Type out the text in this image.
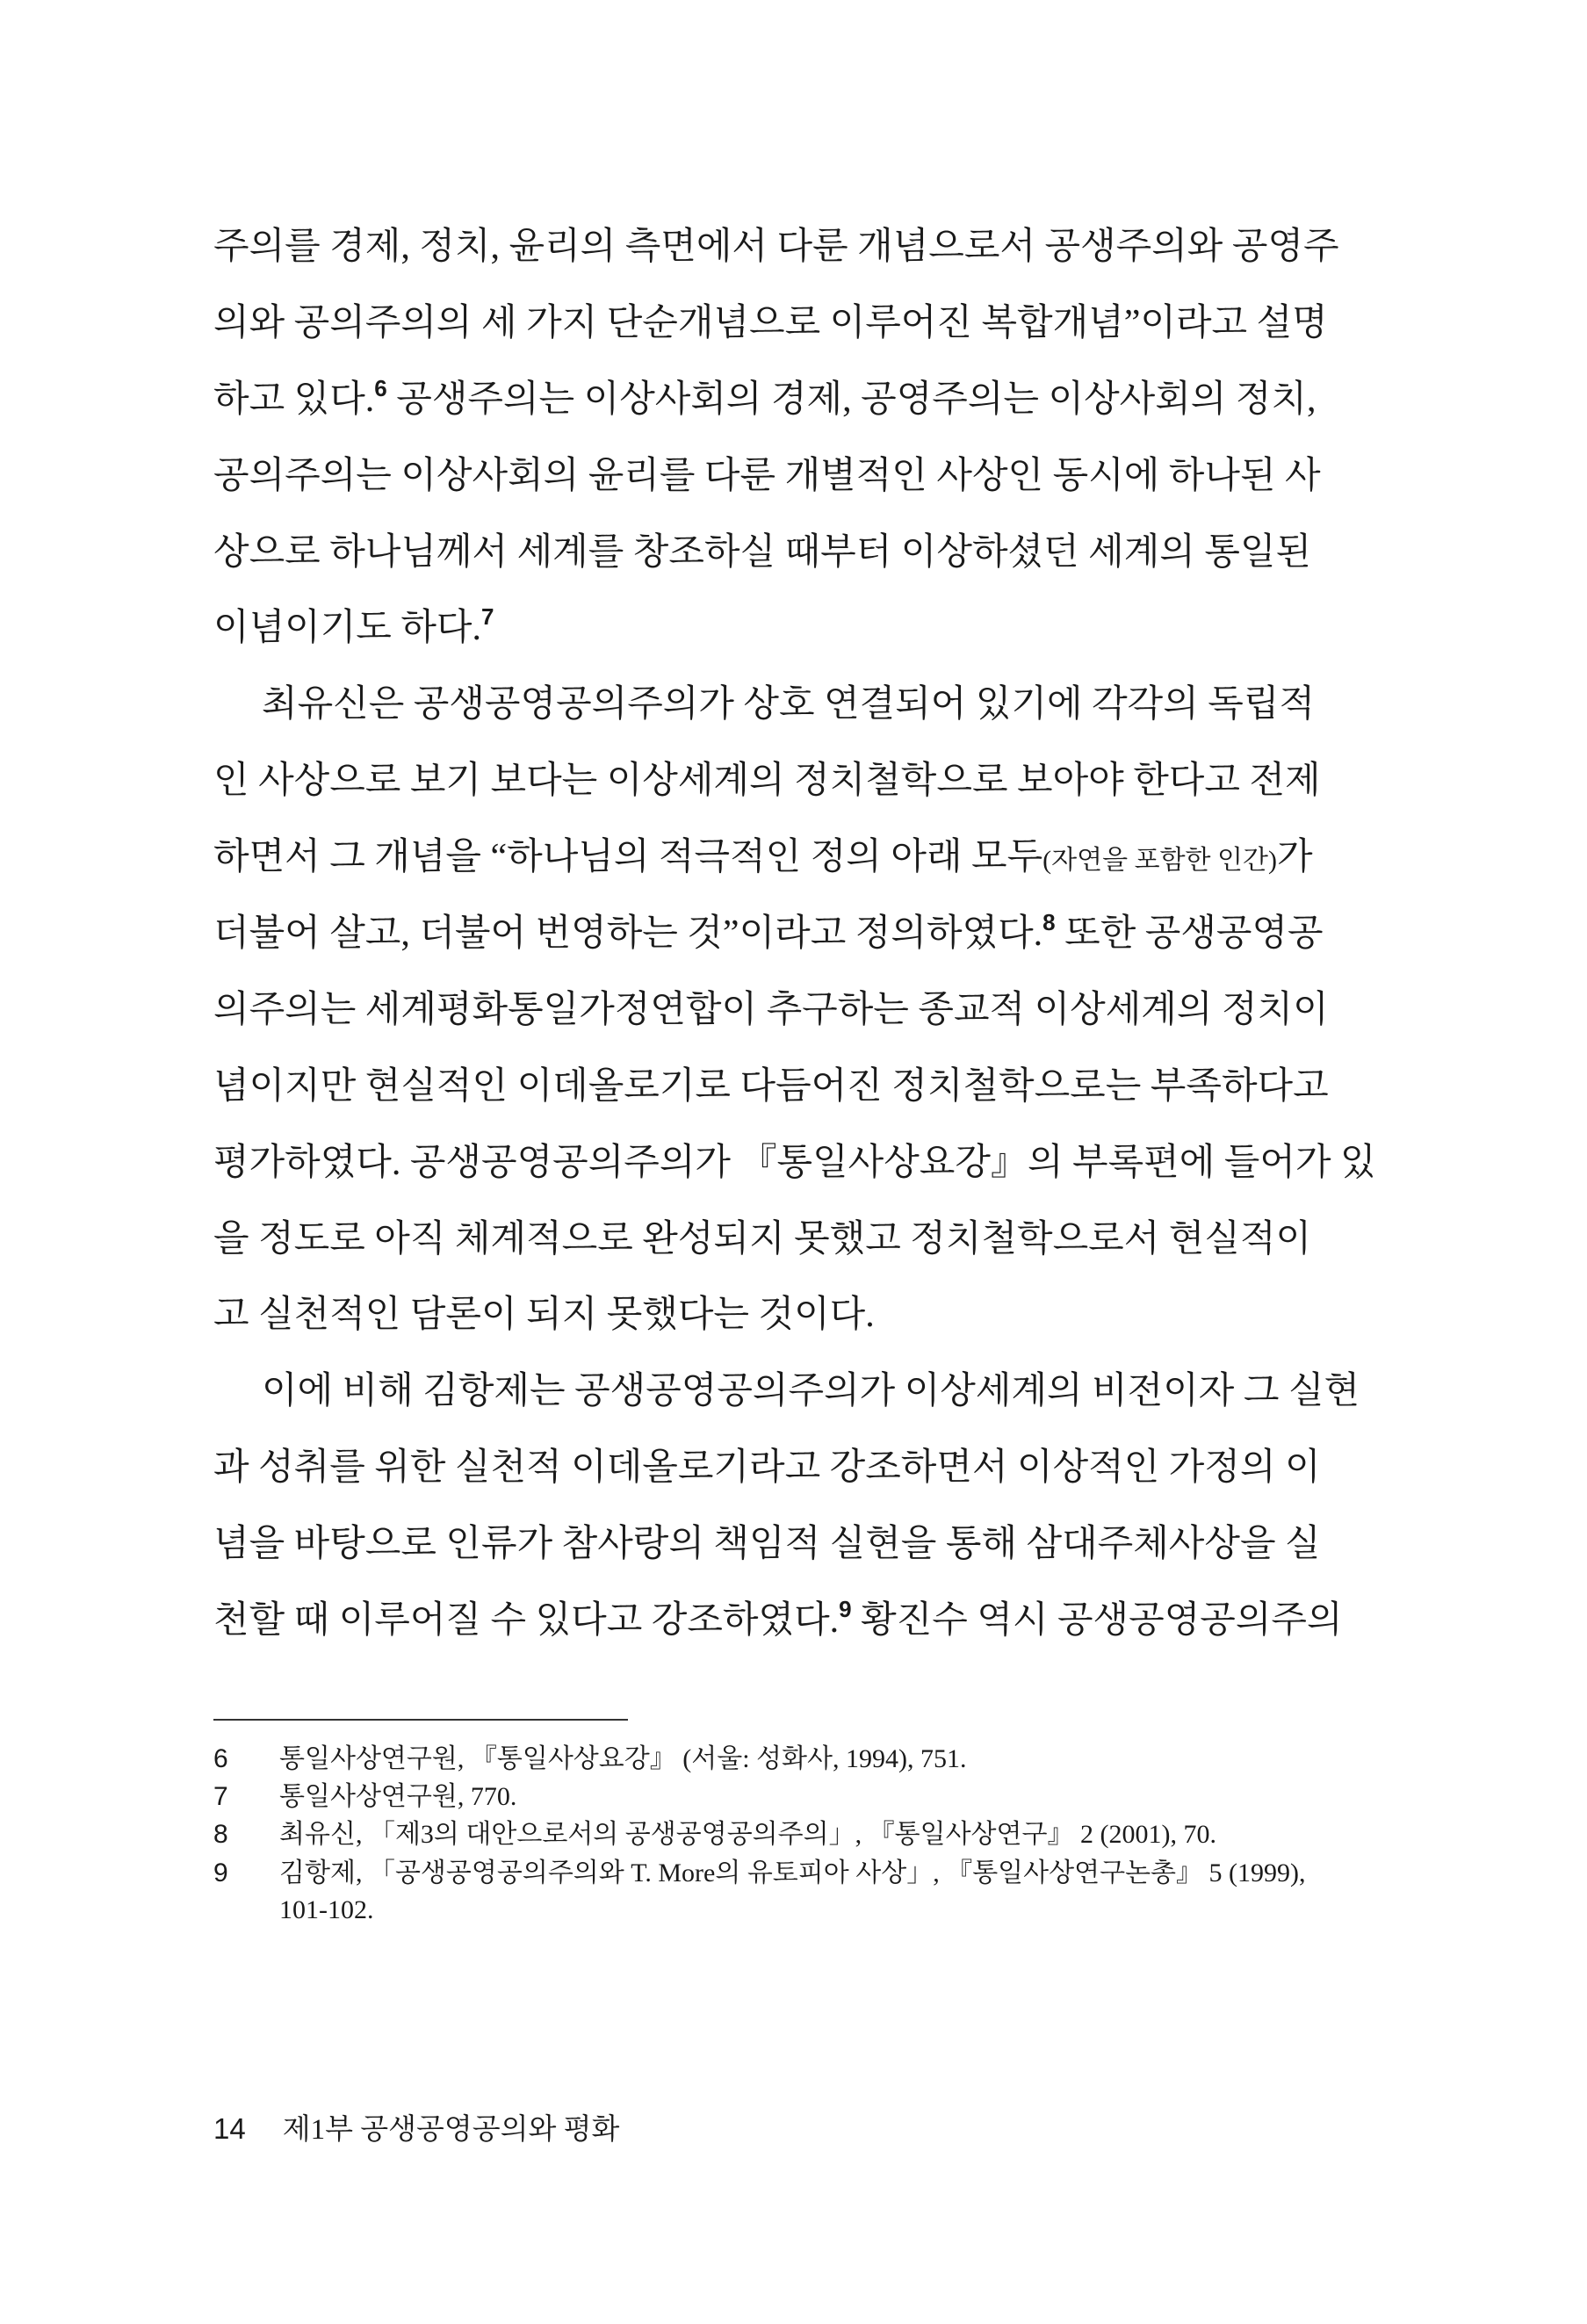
주의를 경제, 정치, 윤리의 측면에서 다룬 개념으로서 공생주의와 공영주
의와 공의주의의 세 가지 단순개념으로 이루어진 복합개념”이라고 설명
하고 있다.$^6$ 공생주의는 이상사회의 경제, 공영주의는 이상사회의 정치,
공의주의는 이상사회의 윤리를 다룬 개별적인 사상인 동시에 하나된 사
상으로 하나님께서 세계를 창조하실 때부터 이상하셨던 세계의 통일된
이념이기도 하다.$^7$
최유신은 공생공영공의주의가 상호 연결되어 있기에 각각의 독립적
인 사상으로 보기 보다는 이상세계의 정치철학으로 보아야 한다고 전제
하면서 그 개념을 “하나님의 적극적인 정의 아래 모두(자연을 포함한 인간)가
더불어 살고, 더불어 번영하는 것”이라고 정의하였다.$^8$ 또한 공생공영공
의주의는 세계평화통일가정연합이 추구하는 종교적 이상세계의 정치이
념이지만 현실적인 이데올로기로 다듬어진 정치철학으로는 부족하다고
평가하였다. 공생공영공의주의가 『통일사상요강』의 부록편에 들어가 있
을 정도로 아직 체계적으로 완성되지 못했고 정치철학으로서 현실적이
고 실천적인 담론이 되지 못했다는 것이다.
이에 비해 김항제는 공생공영공의주의가 이상세계의 비전이자 그 실현
과 성취를 위한 실천적 이데올로기라고 강조하면서 이상적인 가정의 이
념을 바탕으로 인류가 참사랑의 책임적 실현을 통해 삼대주체사상을 실
천할 때 이루어질 수 있다고 강조하였다.$^9$ 황진수 역시 공생공영공의주의
6 통일사상연구원, 『통일사상요강』 (서울: 성화사, 1994), 751.
7 통일사상연구원, 770.
8 최유신, 「제3의 대안으로서의 공생공영공의주의」, 『통일사상연구』 2 (2001), 70.
9 김항제, 「공생공영공의주의와 T. More의 유토피아 사상」, 『통일사상연구논총』 5 (1999), 101-102.
14 제1부 공생공영공의와 평화
